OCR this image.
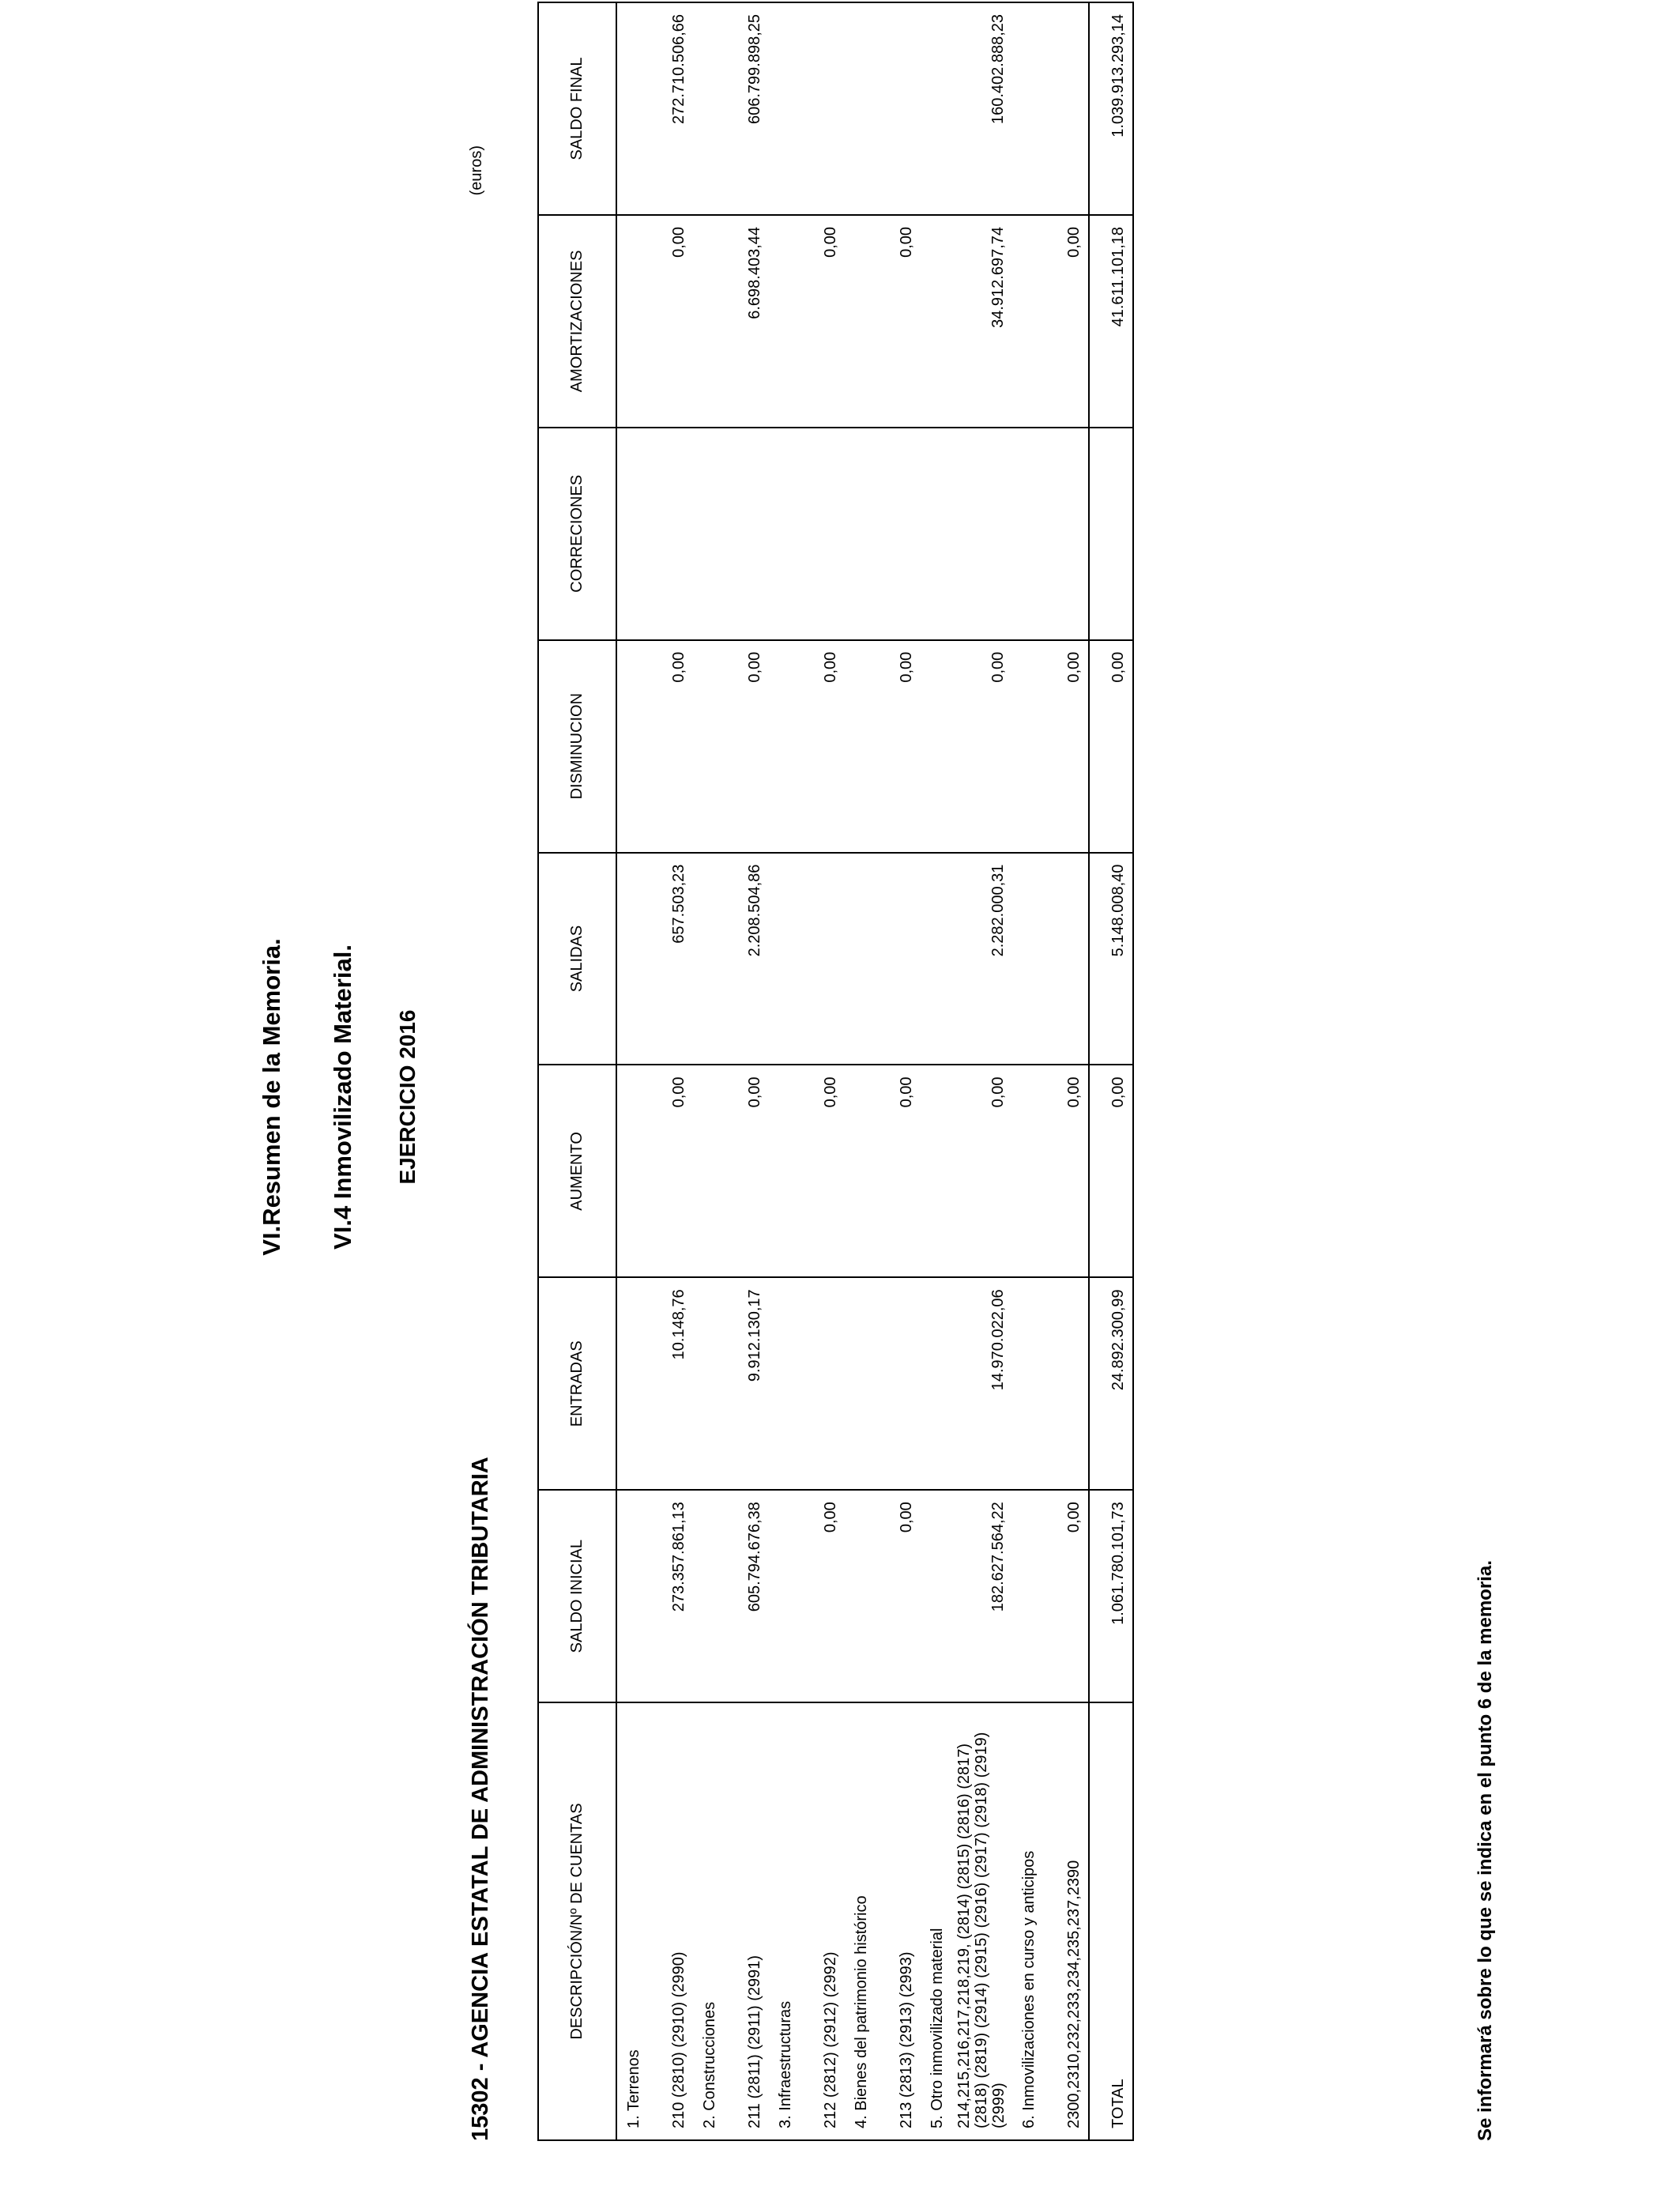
VI.Resumen de la Memoria. VI.4 Inmovilizado Material. EJERCICIO 2016
15302 - AGENCIA ESTATAL DE ADMINISTRACIÓN TRIBUTARIA
(euros)
DESCRIPCIÓN/Nº DE CUENTAS	SALDO INICIAL	ENTRADAS	AUMENTO	SALIDAS	DISMINUCION	CORRECIONES	AMORTIZACIONES	SALDO FINAL
1. Terrenos								
210 (2810) (2910) (2990)	273.357.861,13	10.148,76	0,00	657.503,23	0,00		0,00	272.710.506,66
2. Construcciones								
211 (2811) (2911) (2991)	605.794.676,38	9.912.130,17	0,00	2.208.504,86	0,00		6.698.403,44	606.799.898,25
3. Infraestructuras								
212 (2812) (2912) (2992)	0,00		0,00		0,00		0,00	
4. Bienes del patrimonio histórico								
213 (2813) (2913) (2993)	0,00		0,00		0,00		0,00	
5. Otro inmovilizado material								
214,215,216,217,218,219, (2814) (2815) (2816) (2817) (2818) (2819) (2914) (2915) (2916) (2917) (2918) (2919) (2999)	182.627.564,22	14.970.022,06	0,00	2.282.000,31	0,00		34.912.697,74	160.402.888,23
6. Inmovilizaciones en curso y anticipos								
2300,2310,232,233,234,235,237,2390	0,00		0,00		0,00		0,00	
TOTAL	1.061.780.101,73	24.892.300,99	0,00	5.148.008,40	0,00		41.611.101,18	1.039.913.293,14
Se informará sobre lo que se indica en el punto 6 de la memoria.
